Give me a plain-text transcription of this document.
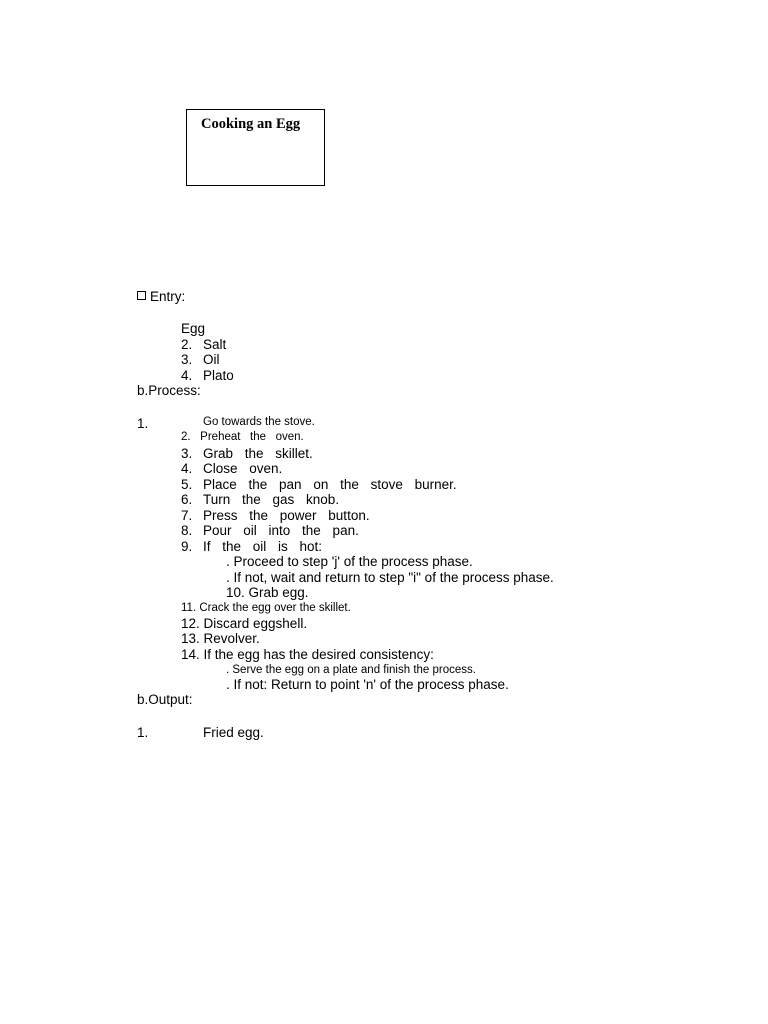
Cooking an Egg
Entry:
Egg
2. Salt
3. Oil
4. Plato
b.Process:
1.	Go towards the stove.
2.   Preheat   the   oven.
3. Grab the skillet.
4. Close oven.
5. Place the pan on the stove burner.
6. Turn the gas knob.
7. Press the power button.
8. Pour oil into the pan.
9. If the oil is hot:
. Proceed to step 'j' of the process phase.
. If not, wait and return to step "i" of the process phase.
10. Grab egg.
11. Crack the egg over the skillet.
12. Discard eggshell.
13. Revolver.
14. If the egg has the desired consistency:
. Serve the egg on a plate and finish the process.
. If not: Return to point 'n' of the process phase.
b.Output:
1.	Fried egg.
